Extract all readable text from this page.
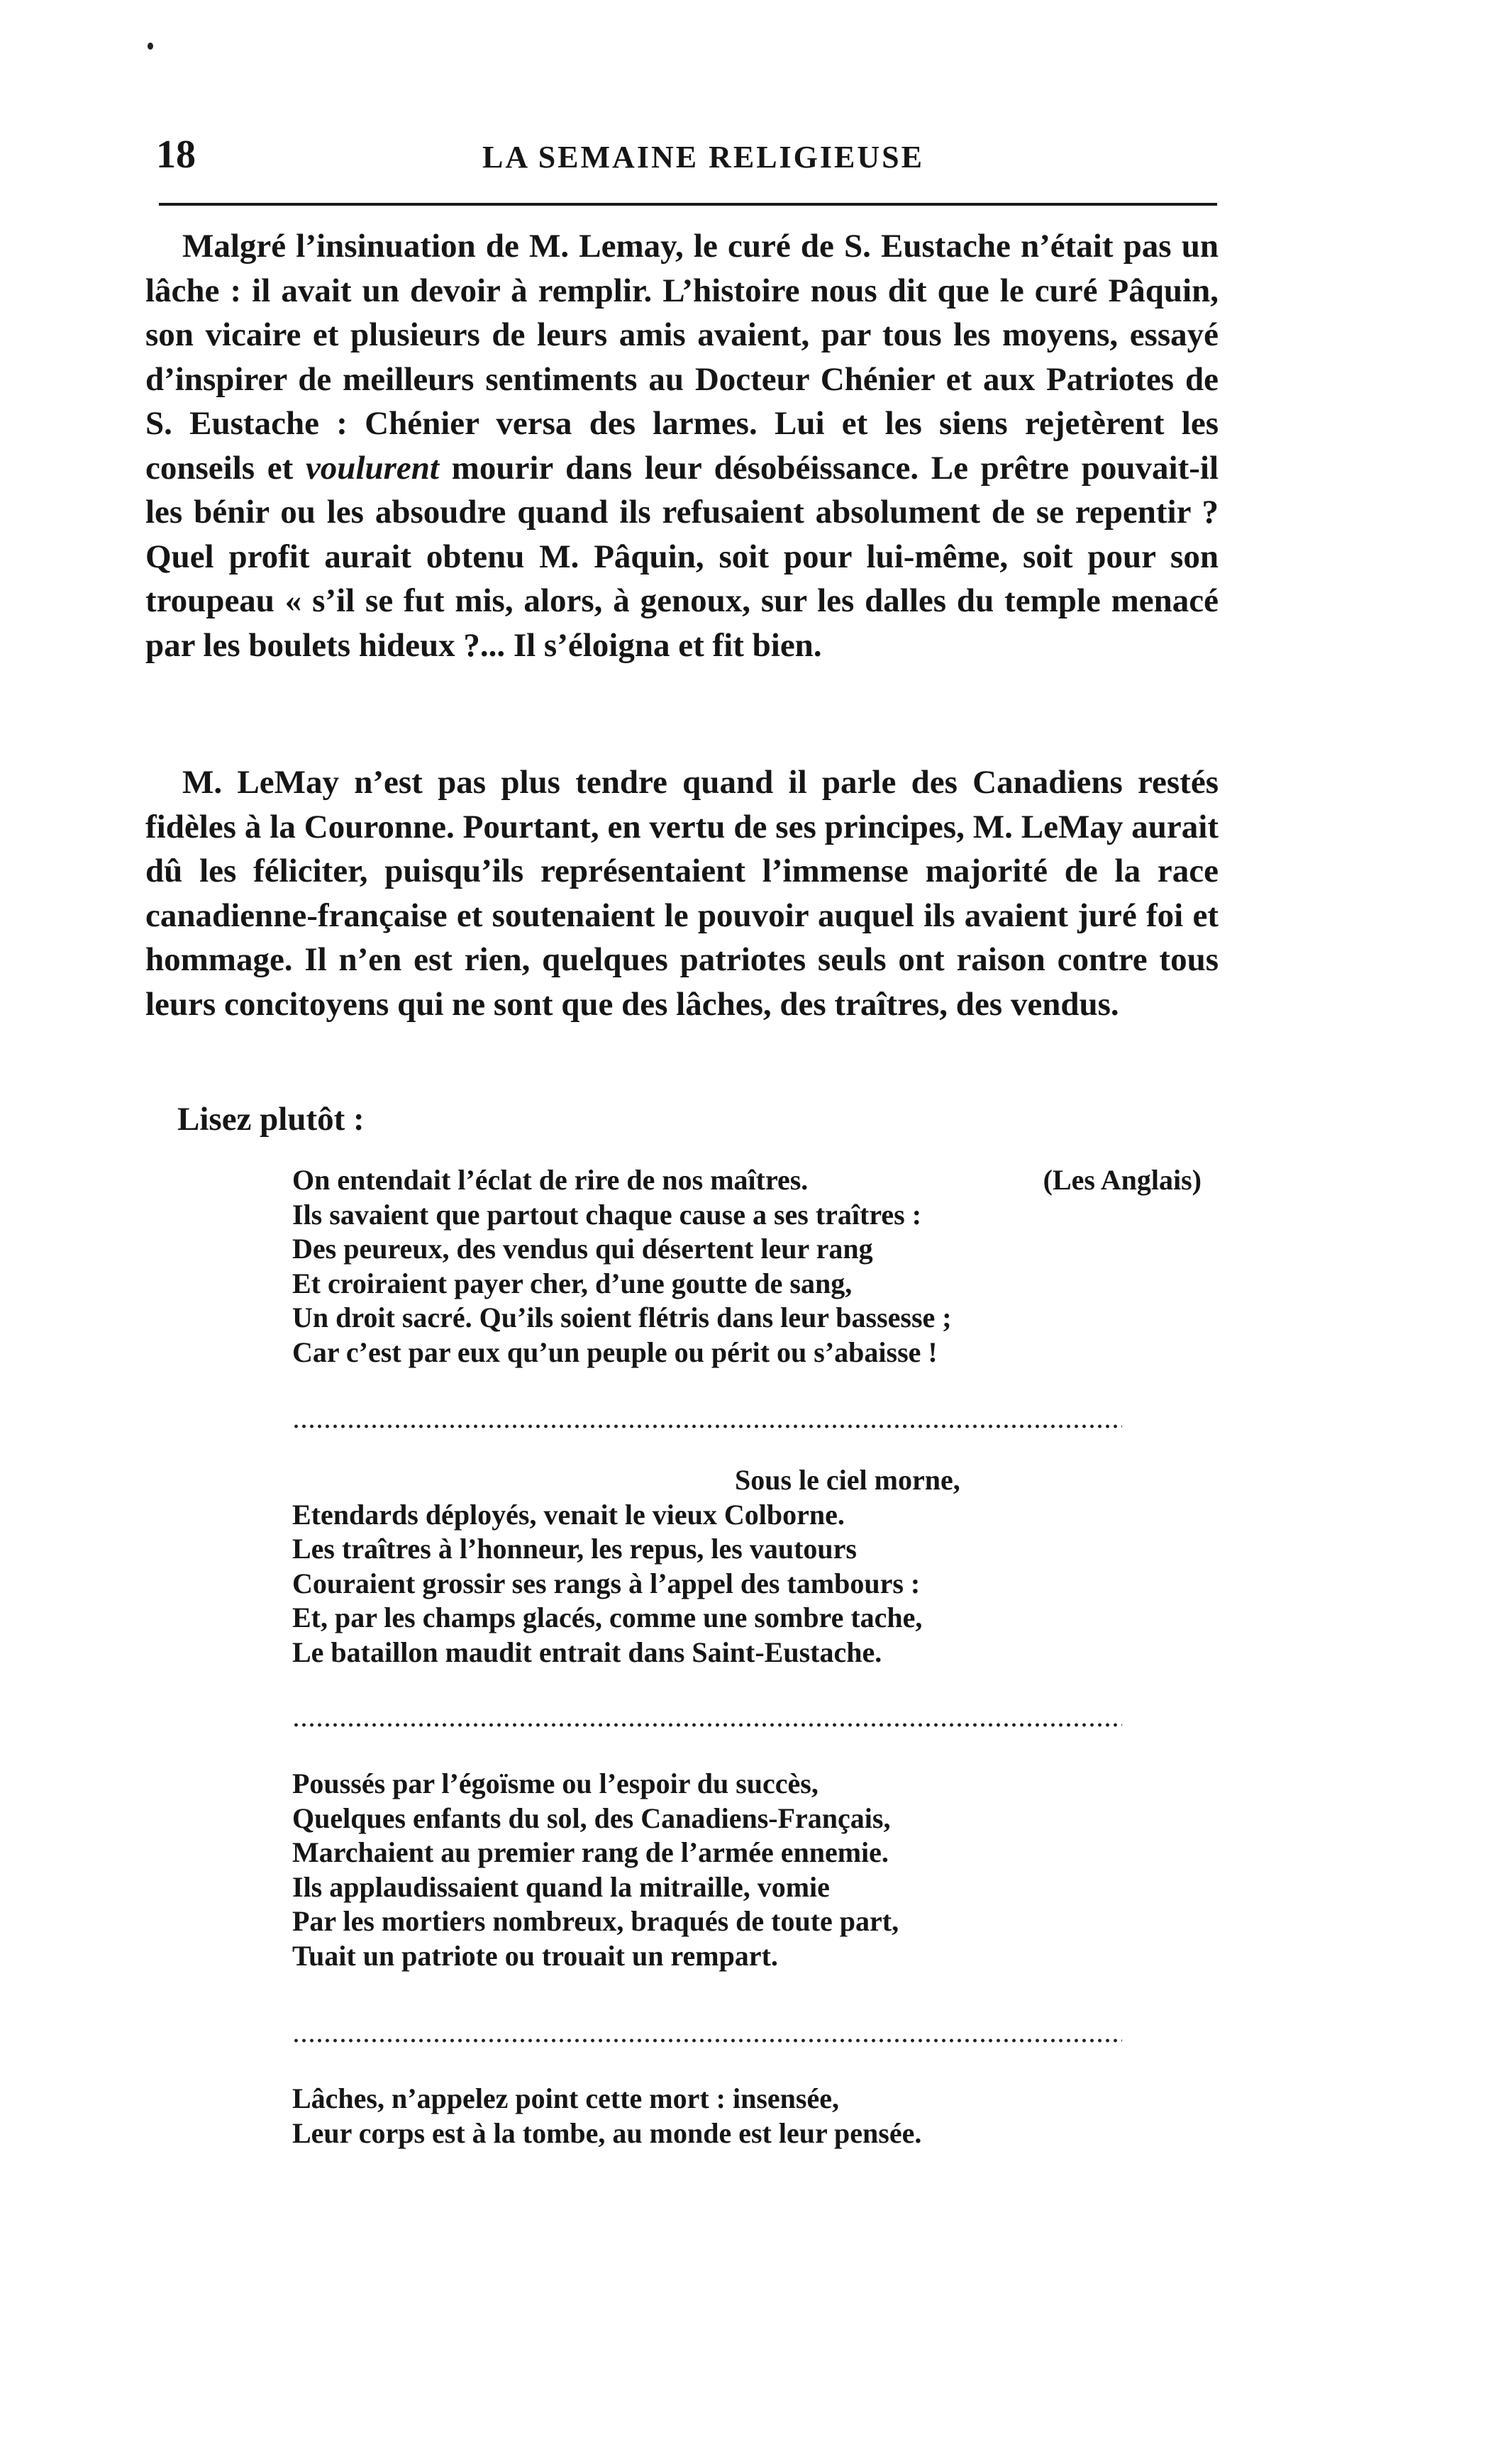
18	LA SEMAINE RELIGIEUSE

Malgré l’insinuation de M. Lemay, le curé de S. Eustache n’était pas un lâche : il avait un devoir à remplir. L’histoire nous dit que le curé Pâquin, son vicaire et plusieurs de leurs amis avaient, par tous les moyens, essayé d’inspirer de meilleurs sentiments au Docteur Chénier et aux Patriotes de S. Eustache : Chénier versa des larmes. Lui et les siens rejetèrent les conseils et voulurent mourir dans leur désobéissance. Le prêtre pouvait-il les bénir ou les absoudre quand ils refusaient absolument de se repentir ? Quel profit aurait obtenu M. Pâquin, soit pour lui-même, soit pour son troupeau « s’il se fut mis, alors, à genoux, sur les dalles du temple menacé par les boulets hideux ?... Il s’éloigna et fit bien.

M. LeMay n’est pas plus tendre quand il parle des Canadiens restés fidèles à la Couronne. Pourtant, en vertu de ses principes, M. LeMay aurait dû les féliciter, puisqu’ils représentaient l’immense majorité de la race canadienne-française et soutenaient le pouvoir auquel ils avaient juré foi et hommage. Il n’en est rien, quelques patriotes seuls ont raison contre tous leurs concitoyens qui ne sont que des lâches, des traîtres, des vendus.

Lisez plutôt :

On entendait l’éclat de rire de nos maîtres.	(Les Anglais)
Ils savaient que partout chaque cause a ses traîtres :
Des peureux, des vendus qui désertent leur rang
Et croiraient payer cher, d’une goutte de sang,
Un droit sacré. Qu’ils soient flétris dans leur bassesse ;
Car c’est par eux qu’un peuple ou périt ou s’abaisse !
Sous le ciel morne,
Etendards déployés, venait le vieux Colborne.
Les traîtres à l’honneur, les repus, les vautours
Couraient grossir ses rangs à l’appel des tambours :
Et, par les champs glacés, comme une sombre tache,
Le bataillon maudit entrait dans Saint-Eustache.
Poussés par l’égoïsme ou l’espoir du succès,
Quelques enfants du sol, des Canadiens-Français,
Marchaient au premier rang de l’armée ennemie.
Ils applaudissaient quand la mitraille, vomie
Par les mortiers nombreux, braqués de toute part,
Tuait un patriote ou trouait un rempart.
Lâches, n’appelez point cette mort : insensée,
Leur corps est à la tombe, au monde est leur pensée.
